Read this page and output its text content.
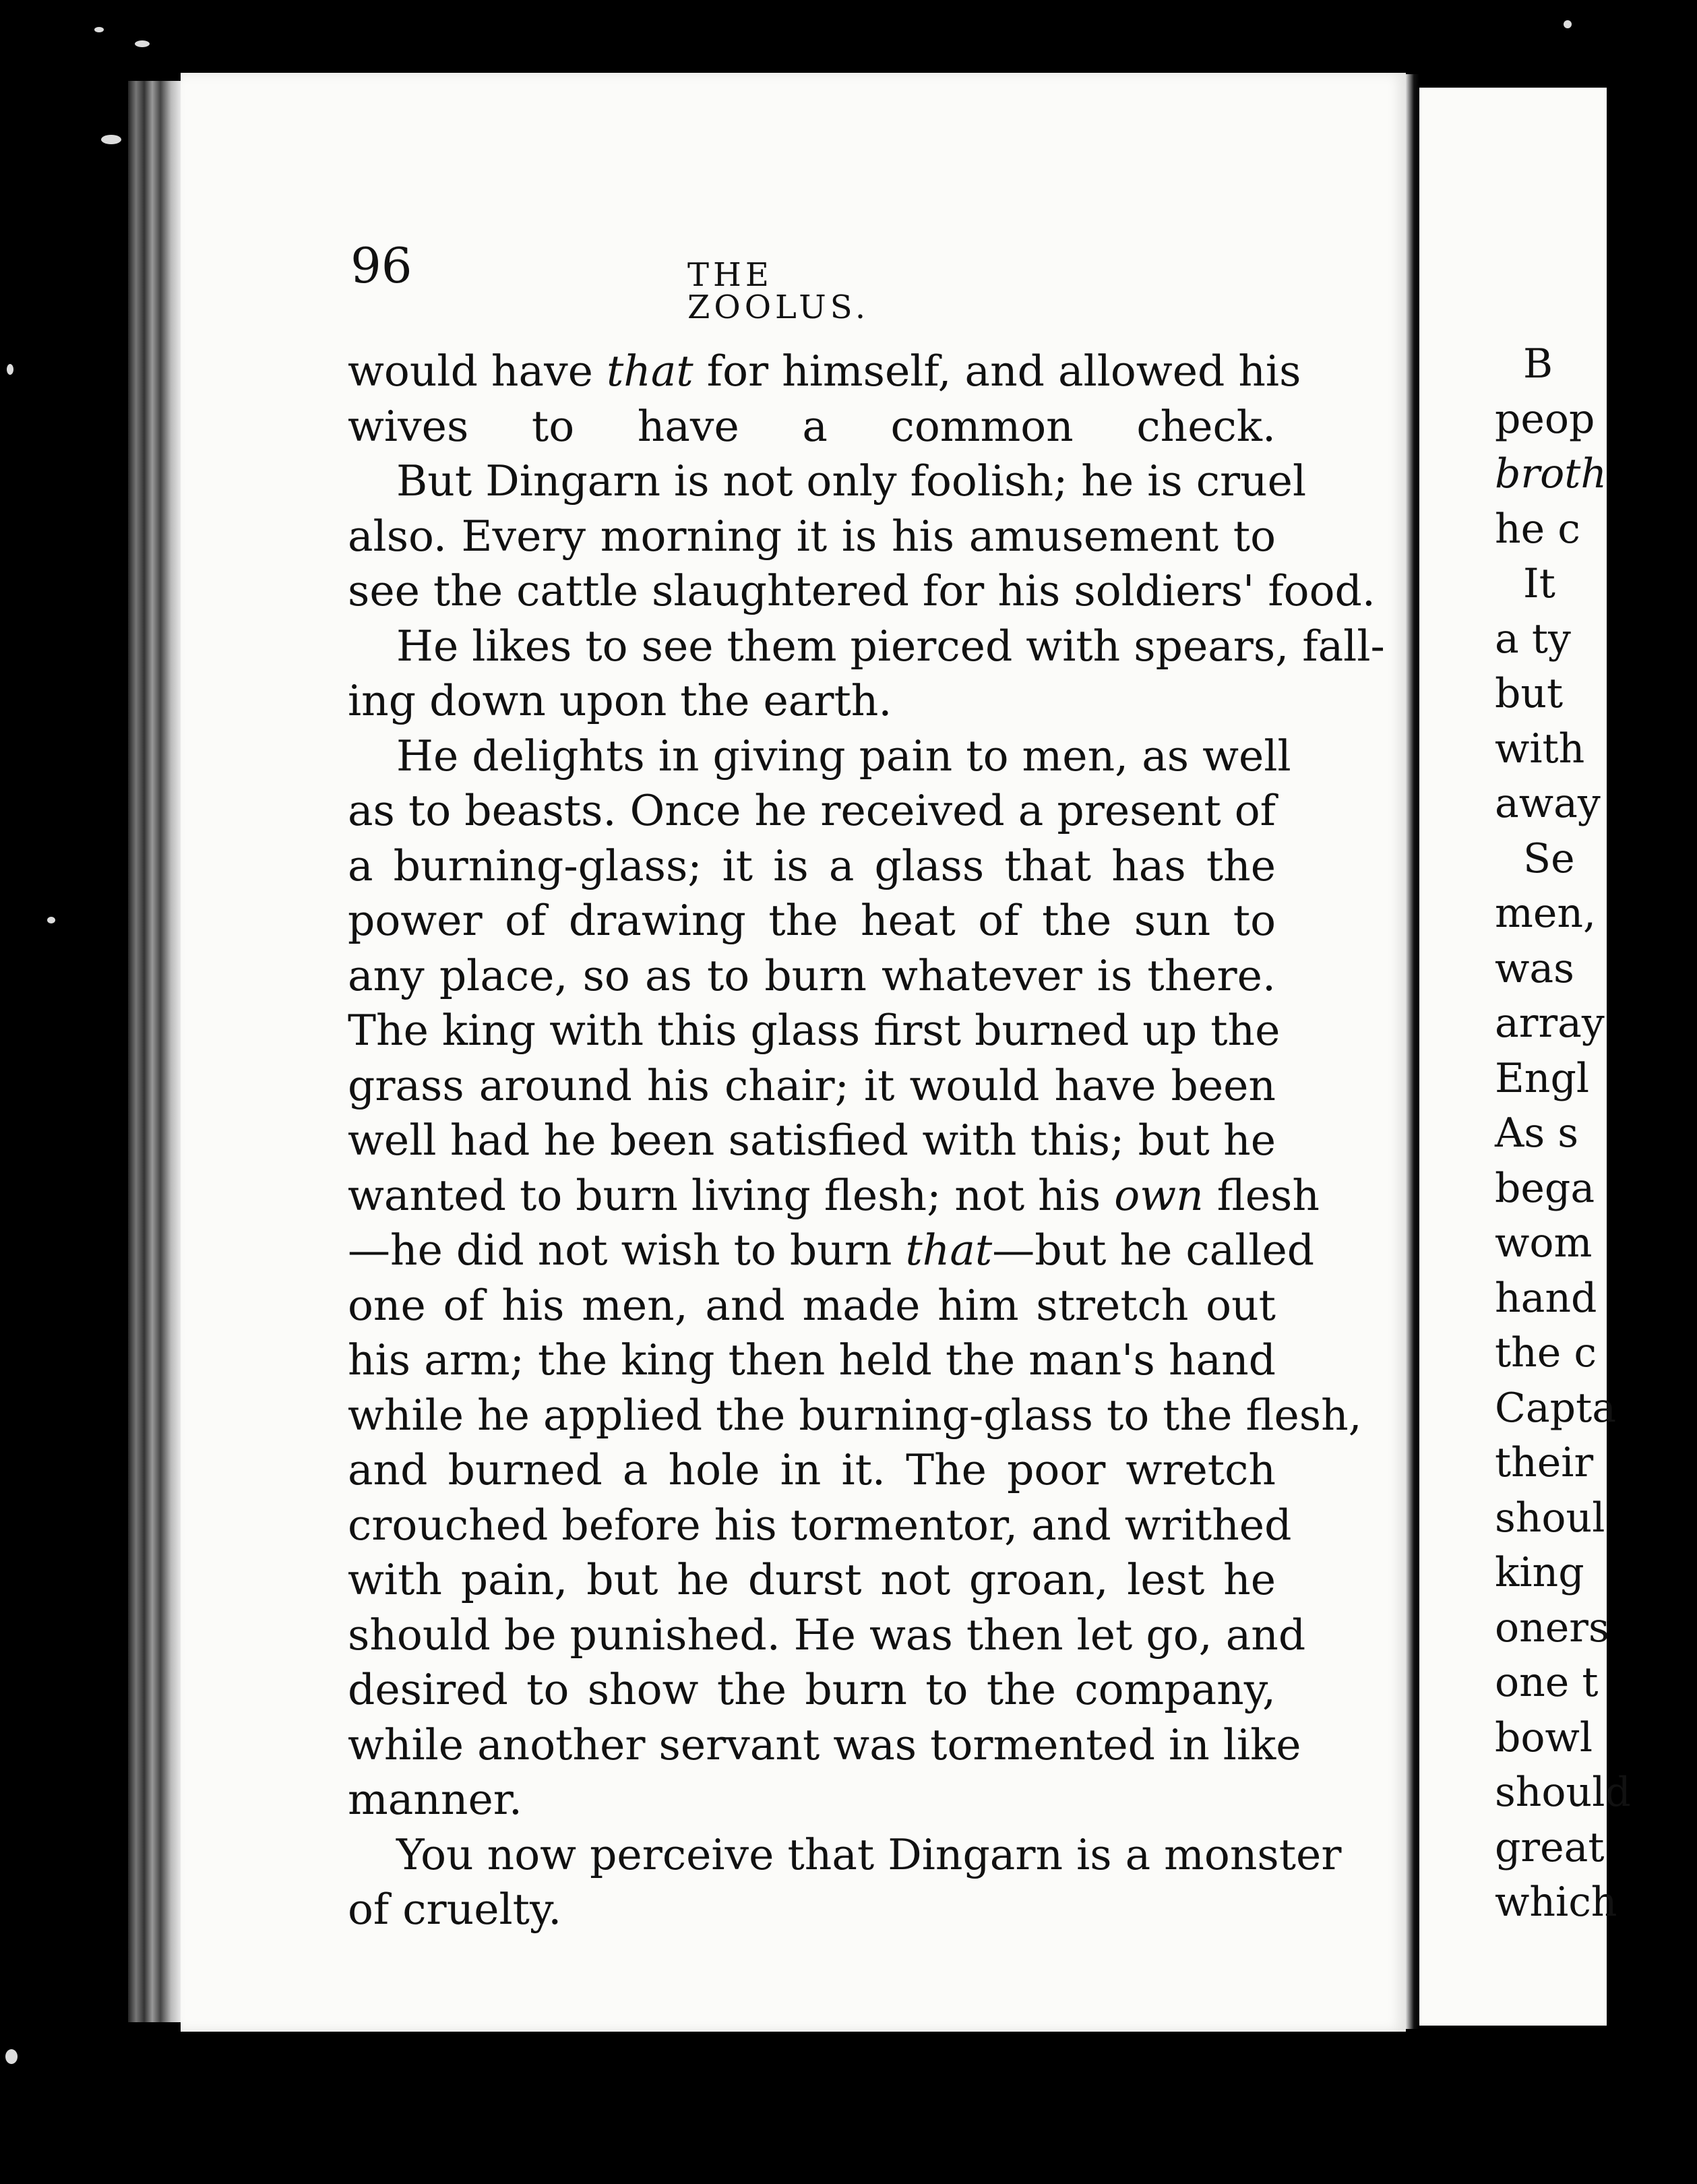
96	THE ZOOLUS.
would have that for himself, and allowed his
wives to have a common check.
But Dingarn is not only foolish; he is cruel
also. Every morning it is his amusement to
see the cattle slaughtered for his soldiers' food.
He likes to see them pierced with spears, fall-
ing down upon the earth.
He delights in giving pain to men, as well
as to beasts. Once he received a present of
a burning-glass; it is a glass that has the
power of drawing the heat of the sun to
any place, so as to burn whatever is there.
The king with this glass first burned up the
grass around his chair; it would have been
well had he been satisfied with this; but he
wanted to burn living flesh; not his own flesh
—he did not wish to burn that—but he called
one of his men, and made him stretch out
his arm; the king then held the man's hand
while he applied the burning-glass to the flesh,
and burned a hole in it. The poor wretch
crouched before his tormentor, and writhed
with pain, but he durst not groan, lest he
should be punished. He was then let go, and
desired to show the burn to the company,
while another servant was tormented in like
manner.
You now perceive that Dingarn is a monster
of cruelty.
B
peop
broth
he c
It
a ty
but
with
away
Se
men,
was
array
Engl
As s
bega
wom
hand
the c
Capta
their
shoul
king
oners
one t
bowl
should
great
which
